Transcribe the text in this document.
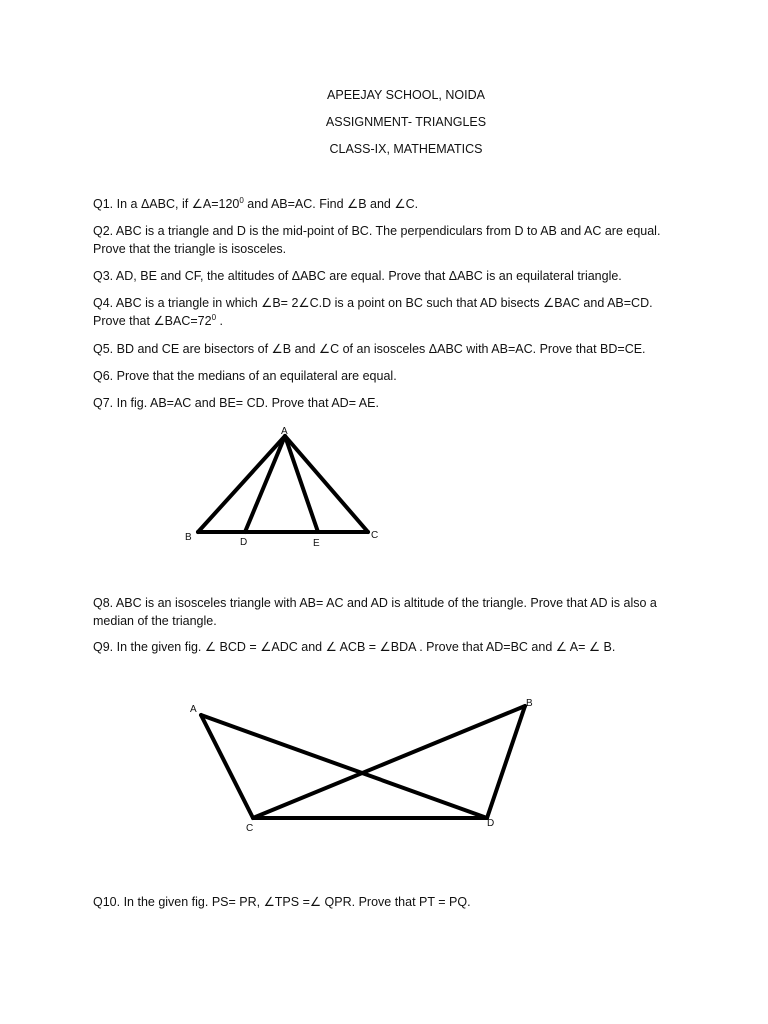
APEEJAY SCHOOL, NOIDA
ASSIGNMENT- TRIANGLES
CLASS-IX, MATHEMATICS
Q1. In a ΔABC, if $\angle A=120^0$ and AB=AC. Find ∠B and ∠C.
Q2. ABC is a triangle and D is the mid-point of BC. The perpendiculars from D to AB and AC are equal. Prove that the triangle is isosceles.
Q3. AD, BE and CF, the altitudes of ΔABC are equal. Prove that ΔABC is an equilateral triangle.
Q4. ABC is a triangle in which ∠B= 2∠C.D is a point on BC such that AD bisects ∠BAC and AB=CD.
Prove that $\angle BAC=72^0$ .
Q5. BD and CE are bisectors of ∠B and ∠C of an isosceles ΔABC with AB=AC. Prove that BD=CE.
Q6. Prove that the medians of an equilateral are equal.
Q7. In fig. AB=AC and BE= CD. Prove that AD= AE.
A
B	C
D	E
Q8. ABC is an isosceles triangle with AB= AC and AD is altitude of the triangle. Prove that AD is also a median of the triangle.
Q9. In the given fig. ∠ BCD = ∠ADC and ∠ ACB = ∠BDA . Prove that AD=BC and ∠ A= ∠ B.
A
B
C	D
Q10. In the given fig. PS= PR, ∠TPS =∠ QPR. Prove that PT = PQ.
